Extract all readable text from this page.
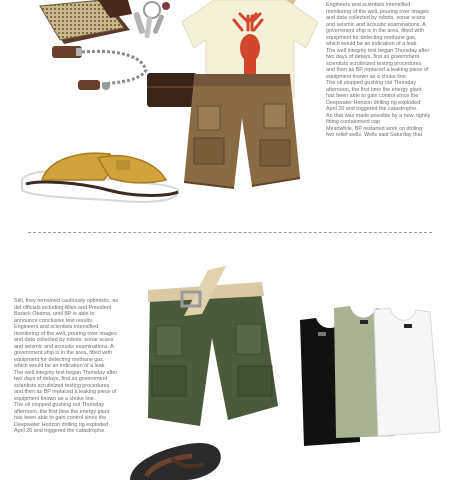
Engineers and scientists intensified
monitoring of the well, pouring over images
and data collected by robots, sonar scans
and seismic and acoustic examinations. A
government ship is in the area, fitted with
equipment for detecting methane gas,
which would be an indication of a leak.
The well integrity test began Thursday after
two days of delays, first as government
scientists scrutinized testing procedures
and then as BP replaced a leaking piece of
equipment known as a choke line.
The oil stopped gushing out Thursday
afternoon, the first time the energy giant
has been able to gain control since the
Deepwater Horizon drilling rig exploded
April 20 and triggered the catastrophe.
An that was made possible by a new, tightly
fitting containment cap.
Meanwhile, BP restarted work on drilling
two relief wells. Wells said Saturday that

Still, they remained cautiously optimistic, as
did officials including Allen and President
Barack Obama, until BP is able to
announce conclusive test results.
Engineers and scientists intensified
monitoring of the well, pouring over images
and data collected by robots, sonar scans
and seismic and acoustic examinations. A
government ship is in the area, fitted with
equipment for detecting methane gas,
which would be an indication of a leak.
The well integrity test began Thursday after
two days of delays, first as government
scientists scrutinized testing procedures
and then as BP replaced a leaking piece of
equipment known as a choke line.
The oil stopped gushing out Thursday
afternoon, the first time the energy giant
has been able to gain control since the
Deepwater Horizon drilling rig exploded
April 20 and triggered the catastrophe.
